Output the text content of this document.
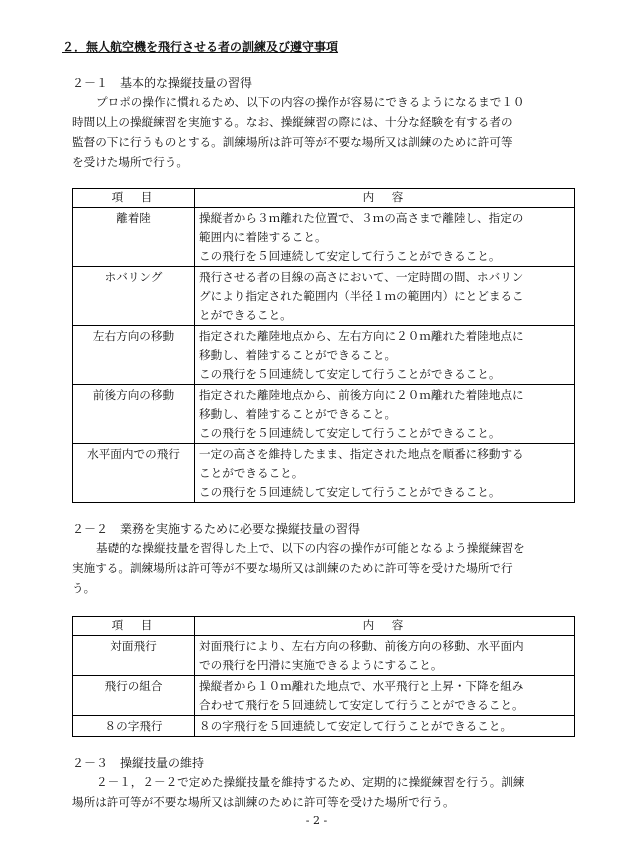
２．無人航空機を飛行させる者の訓練及び遵守事項
２－１　基本的な操縦技量の習得
プロポの操作に慣れるため、以下の内容の操作が容易にできるようになるまで１０
時間以上の操縦練習を実施する。なお、操縦練習の際には、十分な経験を有する者の
監督の下に行うものとする。訓練場所は許可等が不要な場所又は訓練のために許可等
を受けた場所で行う。
項　目	内　容
離着陸	操縦者から３ｍ離れた位置で、３ｍの高さまで離陸し、指定の
範囲内に着陸すること。
この飛行を５回連続して安定して行うことができること。

ホバリング	飛行させる者の目線の高さにおいて、一定時間の間、ホバリン
グにより指定された範囲内（半径１ｍの範囲内）にとどまるこ
とができること。

左右方向の移動	指定された離陸地点から、左右方向に２０ｍ離れた着陸地点に
移動し、着陸することができること。
この飛行を５回連続して安定して行うことができること。

前後方向の移動	指定された離陸地点から、前後方向に２０ｍ離れた着陸地点に
移動し、着陸することができること。
この飛行を５回連続して安定して行うことができること。

水平面内での飛行	一定の高さを維持したまま、指定された地点を順番に移動する
ことができること。
この飛行を５回連続して安定して行うことができること。
２－２　業務を実施するために必要な操縦技量の習得
基礎的な操縦技量を習得した上で、以下の内容の操作が可能となるよう操縦練習を
実施する。訓練場所は許可等が不要な場所又は訓練のために許可等を受けた場所で行
う。
項　目	内　容
対面飛行	対面飛行により、左右方向の移動、前後方向の移動、水平面内
での飛行を円滑に実施できるようにすること。

飛行の組合	操縦者から１０ｍ離れた地点で、水平飛行と上昇・下降を組み
合わせて飛行を５回連続して安定して行うことができること。

８の字飛行	８の字飛行を５回連続して安定して行うことができること。
２－３　操縦技量の維持
２－１，２－２で定めた操縦技量を維持するため、定期的に操縦練習を行う。訓練
場所は許可等が不要な場所又は訓練のために許可等を受けた場所で行う。
- 2 -
